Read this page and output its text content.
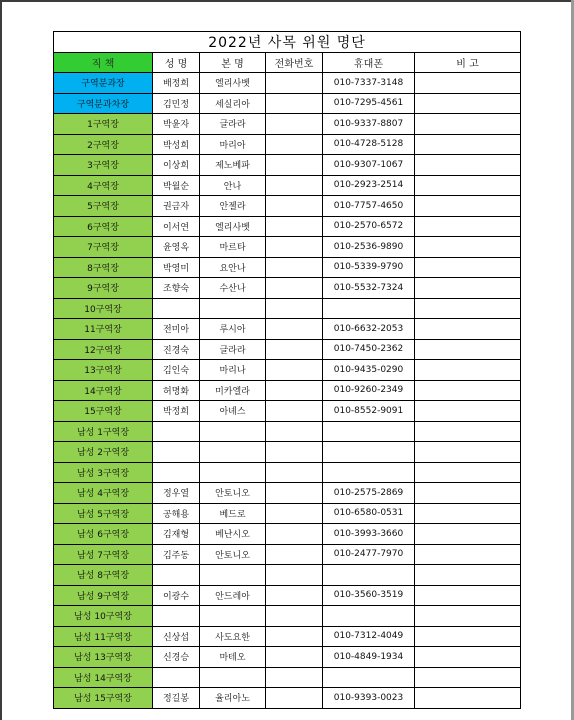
2022년 사목 위원 명단					
직 책	성 명	본 명	전화번호	휴대폰	비 고
구역분과장	배정희	엘리사벳		010-7337-3148	
구역분과차장	김민정	세실리아		010-7295-4561	
1구역장	박윤자	글라라		010-9337-8807	
2구역장	박성희	마리아		010-4728-5128	
3구역장	이상희	제노베파		010-9307-1067	
4구역장	박월순	안나		010-2923-2514	
5구역장	권금자	안젤라		010-7757-4650	
6구역장	이서연	엘리사벳		010-2570-6572	
7구역장	윤영옥	마르타		010-2536-9890	
8구역장	박영미	요안나		010-5339-9790	
9구역장	조향숙	수산나		010-5532-7324	
10구역장					
11구역장	전미아	루시아		010-6632-2053	
12구역장	진경숙	글라라		010-7450-2362	
13구역장	김인숙	마리나		010-9435-0290	
14구역장	허명화	미카엘라		010-9260-2349	
15구역장	박정희	아녜스		010-8552-9091	
남성 1구역장					
남성 2구역장					
남성 3구역장					
남성 4구역장	정우열	안토니오		010-2575-2869	
남성 5구역장	공해용	베드로		010-6580-0531	
남성 6구역장	김재형	베난시오		010-3993-3660	
남성 7구역장	김주동	안토니오		010-2477-7970	
남성 8구역장					
남성 9구역장	이광수	안드레아		010-3560-3519	
남성 10구역장					
남성 11구역장	신상섭	사도요한		010-7312-4049	
남성 13구역장	신경승	마테오		010-4849-1934	
남성 14구역장					
남성 15구역장	정길봉	율리아노		010-9393-0023	
